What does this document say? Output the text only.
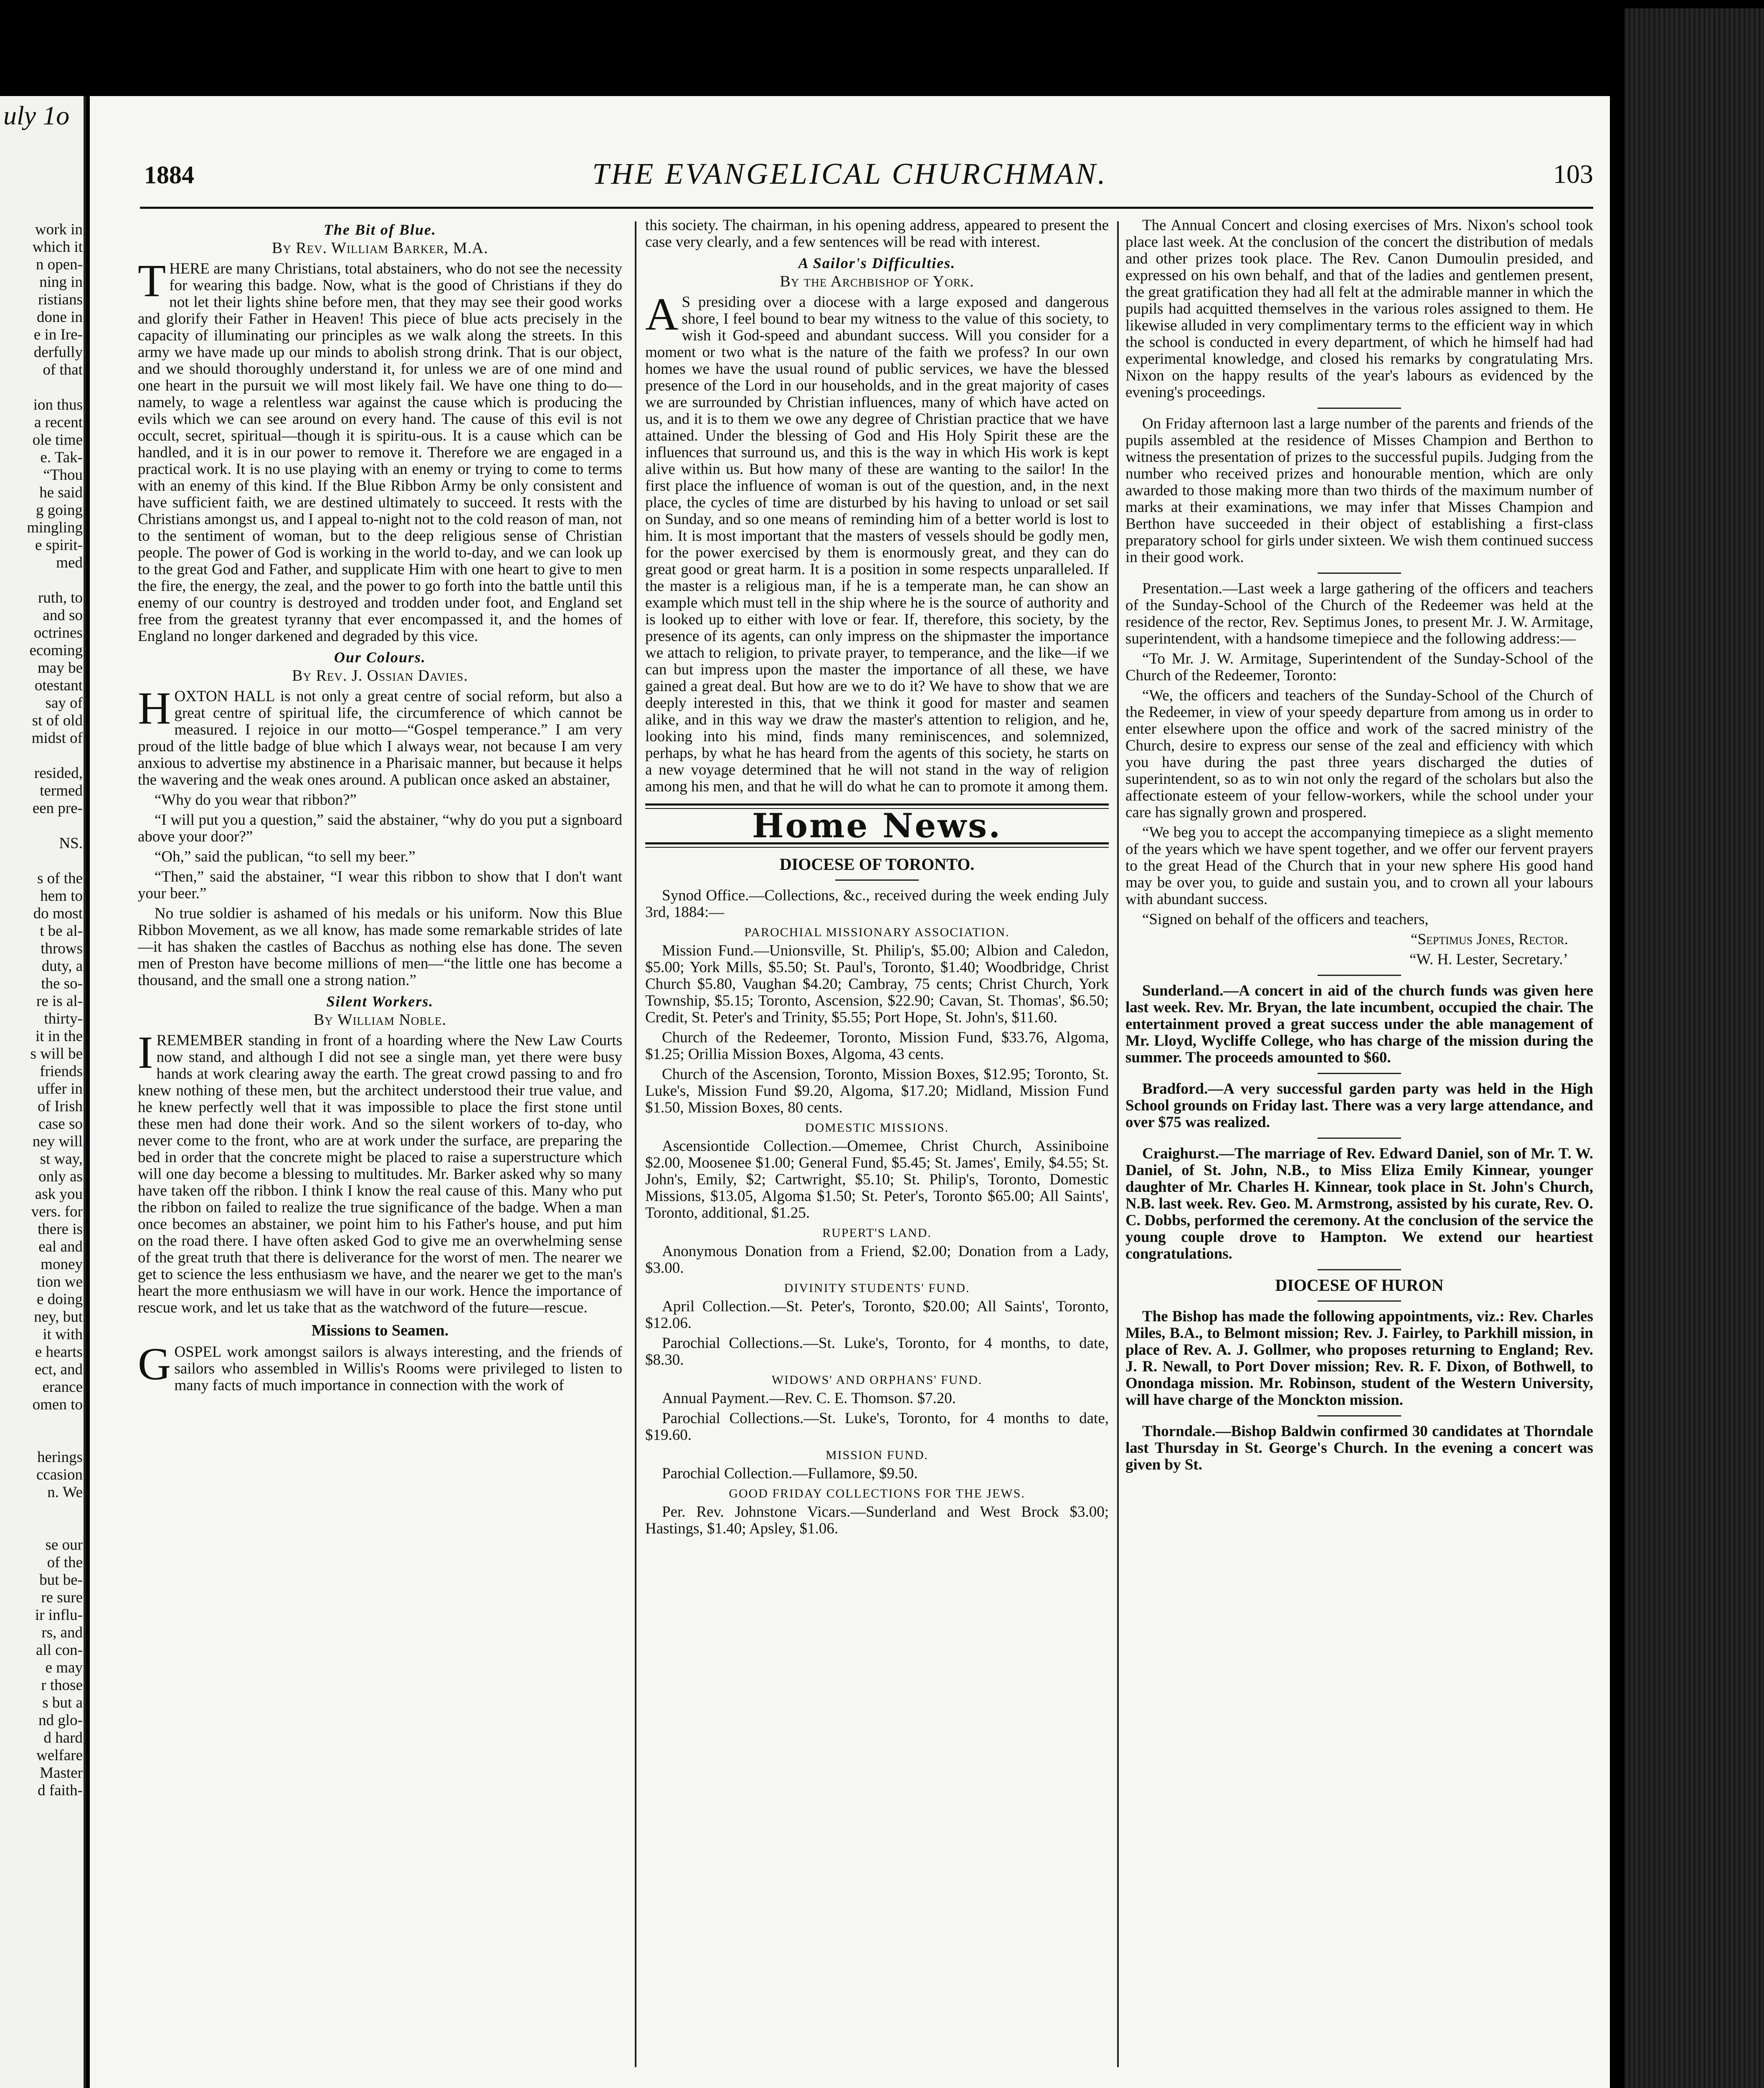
uly 1o
work in
which it
n open-
ning in
ristians
done in
e in Ire-
derfully
of that
ion thus
a recent
ole time
e. Tak-
“Thou
he said
g going
mingling
e spirit-
med
ruth, to
and so
octrines
ecoming
may be
otestant
say of
st of old
midst of
resided,
termed
een pre-
NS.
s of the
hem to
do most
t be al-
throws
duty, a
the so-
re is al-
thirty-
it in the
s will be
friends
uffer in
of Irish
case so
ney will
st way,
only as
ask you
vers. for
there is
eal and
money
tion we
e doing
ney, but
it with
e hearts
ect, and
erance
omen to
herings
ccasion
n. We
se our
of the
but be-
re sure
ir influ-
rs, and
all con-
e may
r those
s but a
nd glo-
d hard
welfare
Master
d faith-
1884	THE EVANGELICAL CHURCHMAN.	103
The Bit of Blue.
By Rev. William Barker, M.A.

THERE are many Christians, total abstainers, who do not see the necessity for wearing this badge. Now, what is the good of Christians if they do not let their lights shine before men, that they may see their good works and glorify their Father in Heaven! This piece of blue acts precisely in the capacity of illuminating our principles as we walk along the streets. In this army we have made up our minds to abolish strong drink. That is our object, and we should thoroughly understand it, for unless we are of one mind and one heart in the pursuit we will most likely fail. We have one thing to do—namely, to wage a relentless war against the cause which is producing the evils which we can see around on every hand. The cause of this evil is not occult, secret, spiritual—though it is spiritu-ous. It is a cause which can be handled, and it is in our power to remove it. Therefore we are engaged in a practical work. It is no use playing with an enemy or trying to come to terms with an enemy of this kind. If the Blue Ribbon Army be only consistent and have sufficient faith, we are destined ultimately to succeed. It rests with the Christians amongst us, and I appeal to-night not to the cold reason of man, not to the sentiment of woman, but to the deep religious sense of Christian people. The power of God is working in the world to-day, and we can look up to the great God and Father, and supplicate Him with one heart to give to men the fire, the energy, the zeal, and the power to go forth into the battle until this enemy of our country is destroyed and trodden under foot, and England set free from the greatest tyranny that ever encompassed it, and the homes of England no longer darkened and degraded by this vice.

Our Colours.
By Rev. J. Ossian Davies.

HOXTON HALL is not only a great centre of social reform, but also a great centre of spiritual life, the circumference of which cannot be measured. I rejoice in our motto—“Gospel temperance.” I am very proud of the little badge of blue which I always wear, not because I am very anxious to advertise my abstinence in a Pharisaic manner, but because it helps the wavering and the weak ones around. A publican once asked an abstainer,

“Why do you wear that ribbon?”

“I will put you a question,” said the abstainer, “why do you put a signboard above your door?”

“Oh,” said the publican, “to sell my beer.”

“Then,” said the abstainer, “I wear this ribbon to show that I don't want your beer.”

No true soldier is ashamed of his medals or his uniform. Now this Blue Ribbon Movement, as we all know, has made some remarkable strides of late—it has shaken the castles of Bacchus as nothing else has done. The seven men of Preston have become millions of men—“the little one has become a thousand, and the small one a strong nation.”

Silent Workers.
By William Noble.

IREMEMBER standing in front of a hoarding where the New Law Courts now stand, and although I did not see a single man, yet there were busy hands at work clearing away the earth. The great crowd passing to and fro knew nothing of these men, but the architect understood their true value, and he knew perfectly well that it was impossible to place the first stone until these men had done their work. And so the silent workers of to-day, who never come to the front, who are at work under the surface, are preparing the bed in order that the concrete might be placed to raise a superstructure which will one day become a blessing to multitudes. Mr. Barker asked why so many have taken off the ribbon. I think I know the real cause of this. Many who put the ribbon on failed to realize the true significance of the badge. When a man once becomes an abstainer, we point him to his Father's house, and put him on the road there. I have often asked God to give me an overwhelming sense of the great truth that there is deliverance for the worst of men. The nearer we get to science the less enthusiasm we have, and the nearer we get to the man's heart the more enthusiasm we will have in our work. Hence the importance of rescue work, and let us take that as the watchword of the future—rescue.

Missions to Seamen.

GOSPEL work amongst sailors is always interesting, and the friends of sailors who assembled in Willis's Rooms were privileged to listen to many facts of much importance in connection with the work of

this society. The chairman, in his opening address, appeared to present the case very clearly, and a few sentences will be read with interest.

A Sailor's Difficulties.
By the Archbishop of York.

A S presiding over a diocese with a large exposed and dangerous shore, I feel bound to bear my witness to the value of this society, to wish it God-speed and abundant success. Will you consider for a moment or two what is the nature of the faith we profess? In our own homes we have the usual round of public services, we have the blessed presence of the Lord in our households, and in the great majority of cases we are surrounded by Christian influences, many of which have acted on us, and it is to them we owe any degree of Christian practice that we have attained. Under the blessing of God and His Holy Spirit these are the influences that surround us, and this is the way in which His work is kept alive within us. But how many of these are wanting to the sailor! In the first place the influence of woman is out of the question, and, in the next place, the cycles of time are disturbed by his having to unload or set sail on Sunday, and so one means of reminding him of a better world is lost to him. It is most important that the masters of vessels should be godly men, for the power exercised by them is enormously great, and they can do great good or great harm. It is a position in some respects unparalleled. If the master is a religious man, if he is a temperate man, he can show an example which must tell in the ship where he is the source of authority and is looked up to either with love or fear. If, therefore, this society, by the presence of its agents, can only impress on the shipmaster the importance we attach to religion, to private prayer, to temperance, and the like—if we can but impress upon the master the importance of all these, we have gained a great deal. But how are we to do it? We have to show that we are deeply interested in this, that we think it good for master and seamen alike, and in this way we draw the master's attention to religion, and he, looking into his mind, finds many reminiscences, and solemnized, perhaps, by what he has heard from the agents of this society, he starts on a new voyage determined that he will not stand in the way of religion among his men, and that he will do what he can to promote it among them.

Home News.
DIOCESE OF TORONTO.

Synod Office.—Collections, &c., received during the week ending July 3rd, 1884:—

PAROCHIAL MISSIONARY ASSOCIATION.

Mission Fund.—Unionsville, St. Philip's, $5.00; Albion and Caledon, $5.00; York Mills, $5.50; St. Paul's, Toronto, $1.40; Woodbridge, Christ Church $5.80, Vaughan $4.20; Cambray, 75 cents; Christ Church, York Township, $5.15; Toronto, Ascension, $22.90; Cavan, St. Thomas', $6.50; Credit, St. Peter's and Trinity, $5.55; Port Hope, St. John's, $11.60.

Church of the Redeemer, Toronto, Mission Fund, $33.76, Algoma, $1.25; Orillia Mission Boxes, Algoma, 43 cents.

Church of the Ascension, Toronto, Mission Boxes, $12.95; Toronto, St. Luke's, Mission Fund $9.20, Algoma, $17.20; Midland, Mission Fund $1.50, Mission Boxes, 80 cents.

DOMESTIC MISSIONS.

Ascensiontide Collection.—Omemee, Christ Church, Assiniboine $2.00, Moosenee $1.00; General Fund, $5.45; St. James', Emily, $4.55; St. John's, Emily, $2; Cartwright, $5.10; St. Philip's, Toronto, Domestic Missions, $13.05, Algoma $1.50; St. Peter's, Toronto $65.00; All Saints', Toronto, additional, $1.25.

RUPERT'S LAND.

Anonymous Donation from a Friend, $2.00; Donation from a Lady, $3.00.

DIVINITY STUDENTS' FUND.

April Collection.—St. Peter's, Toronto, $20.00; All Saints', Toronto, $12.06.

Parochial Collections.—St. Luke's, Toronto, for 4 months, to date, $8.30.

WIDOWS' AND ORPHANS' FUND.

Annual Payment.—Rev. C. E. Thomson. $7.20.

Parochial Collections.—St. Luke's, Toronto, for 4 months to date, $19.60.

MISSION FUND.

Parochial Collection.—Fullamore, $9.50.

GOOD FRIDAY COLLECTIONS FOR THE JEWS.

Per. Rev. Johnstone Vicars.—Sunderland and West Brock $3.00; Hastings, $1.40; Apsley, $1.06.

The Annual Concert and closing exercises of Mrs. Nixon's school took place last week. At the conclusion of the concert the distribution of medals and other prizes took place. The Rev. Canon Dumoulin presided, and expressed on his own behalf, and that of the ladies and gentlemen present, the great gratification they had all felt at the admirable manner in which the pupils had acquitted themselves in the various roles assigned to them. He likewise alluded in very complimentary terms to the efficient way in which the school is conducted in every department, of which he himself had had experimental knowledge, and closed his remarks by congratulating Mrs. Nixon on the happy results of the year's labours as evidenced by the evening's proceedings.

On Friday afternoon last a large number of the parents and friends of the pupils assembled at the residence of Misses Champion and Berthon to witness the presentation of prizes to the successful pupils. Judging from the number who received prizes and honourable mention, which are only awarded to those making more than two thirds of the maximum number of marks at their examinations, we may infer that Misses Champion and Berthon have succeeded in their object of establishing a first-class preparatory school for girls under sixteen. We wish them continued success in their good work.

Presentation.—Last week a large gathering of the officers and teachers of the Sunday-School of the Church of the Redeemer was held at the residence of the rector, Rev. Septimus Jones, to present Mr. J. W. Armitage, superintendent, with a handsome timepiece and the following address:—

“To Mr. J. W. Armitage, Superintendent of the Sunday-School of the Church of the Redeemer, Toronto:

“We, the officers and teachers of the Sunday-School of the Church of the Redeemer, in view of your speedy departure from among us in order to enter elsewhere upon the office and work of the sacred ministry of the Church, desire to express our sense of the zeal and efficiency with which you have during the past three years discharged the duties of superintendent, so as to win not only the regard of the scholars but also the affectionate esteem of your fellow-workers, while the school under your care has signally grown and prospered.

“We beg you to accept the accompanying timepiece as a slight memento of the years which we have spent together, and we offer our fervent prayers to the great Head of the Church that in your new sphere His good hand may be over you, to guide and sustain you, and to crown all your labours with abundant success.

“Signed on behalf of the officers and teachers,

“Septimus Jones, Rector.

“W. H. Lester, Secretary.’

Sunderland.—A concert in aid of the church funds was given here last week. Rev. Mr. Bryan, the late incumbent, occupied the chair. The entertainment proved a great success under the able management of Mr. Lloyd, Wycliffe College, who has charge of the mission during the summer. The proceeds amounted to $60.

Bradford.—A very successful garden party was held in the High School grounds on Friday last. There was a very large attendance, and over $75 was realized.

Craighurst.—The marriage of Rev. Edward Daniel, son of Mr. T. W. Daniel, of St. John, N.B., to Miss Eliza Emily Kinnear, younger daughter of Mr. Charles H. Kinnear, took place in St. John's Church, N.B. last week. Rev. Geo. M. Armstrong, assisted by his curate, Rev. O. C. Dobbs, performed the ceremony. At the conclusion of the service the young couple drove to Hampton. We extend our heartiest congratulations.

DIOCESE OF HURON

The Bishop has made the following appointments, viz.: Rev. Charles Miles, B.A., to Belmont mission; Rev. J. Fairley, to Parkhill mission, in place of Rev. A. J. Gollmer, who proposes returning to England; Rev. J. R. Newall, to Port Dover mission; Rev. R. F. Dixon, of Bothwell, to Onondaga mission. Mr. Robinson, student of the Western University, will have charge of the Monckton mission.

Thorndale.—Bishop Baldwin confirmed 30 candidates at Thorndale last Thursday in St. George's Church. In the evening a concert was given by St.
